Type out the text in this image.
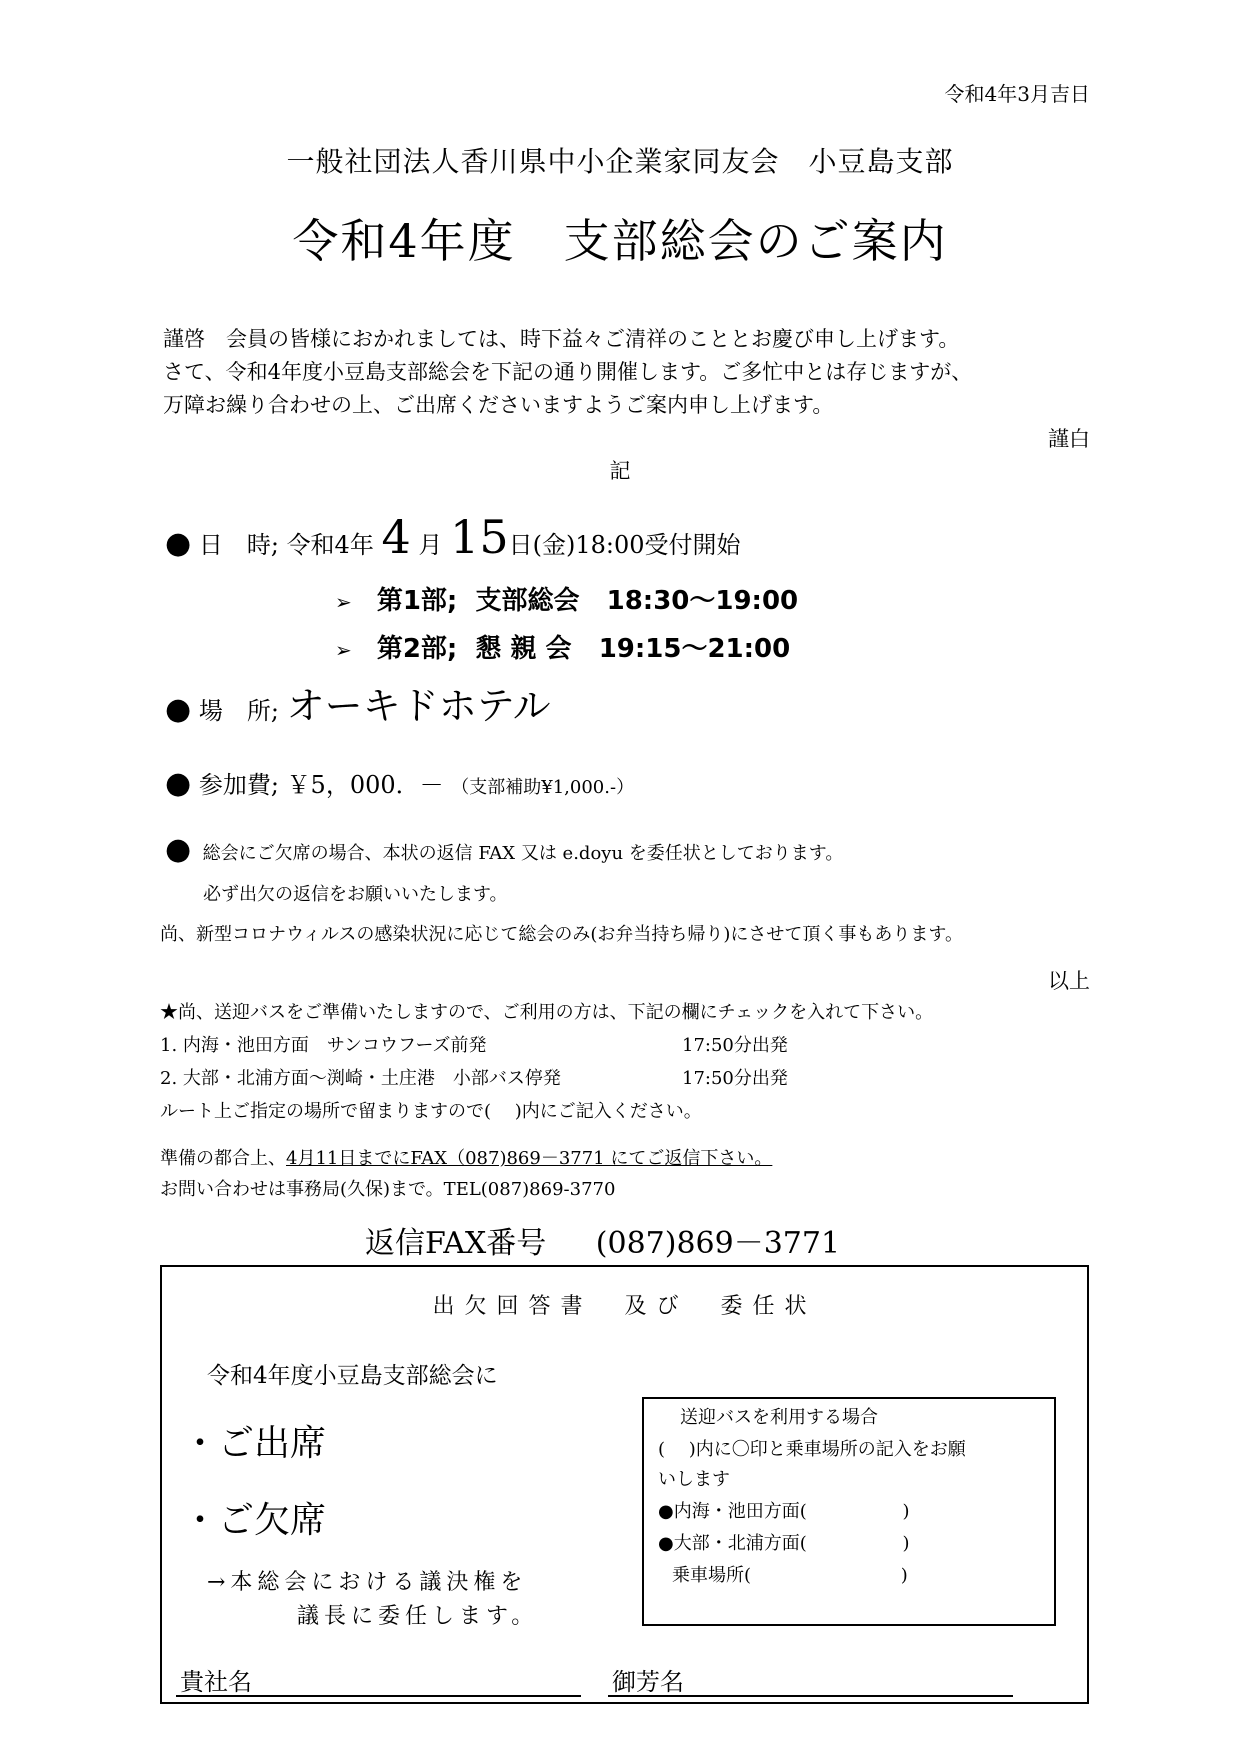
令和4年3月吉日
一般社団法人香川県中小企業家同友会　小豆島支部
令和4年度　支部総会のご案内
謹啓　会員の皆様におかれましては、時下益々ご清祥のこととお慶び申し上げます。
さて、令和4年度小豆島支部総会を下記の通り開催します。ご多忙中とは存じますが、
万障お繰り合わせの上、ご出席くださいますようご案内申し上げます。
謹白
記
● 日　時; 令和4年 4 月 15日(金)18:00受付開始
➢ 第1部; 支部総会 18:30～19:00
➢ 第2部; 懇 親 会 19:15～21:00
● 場　所; オーキドホテル
● 参加費; ￥5，000．－ （支部補助¥1,000.-）
● 総会にご欠席の場合、本状の返信 FAX 又は e.doyu を委任状としております。
必ず出欠の返信をお願いいたします。
尚、新型コロナウィルスの感染状況に応じて総会のみ(お弁当持ち帰り)にさせて頂く事もあります。
以上
★尚、送迎バスをご準備いたしますので、ご利用の方は、下記の欄にチェックを入れて下さい。
1. 内海・池田方面　サンコウフーズ前発	17:50分出発
2. 大部・北浦方面～渕崎・土庄港　小部バス停発	17:50分出発
ルート上ご指定の場所で留まりますので(　 )内にご記入ください。
準備の都合上、4月11日までにFAX（087)869－3771 にてご返信下さい。
お問い合わせは事務局(久保)まで。TEL(087)869-3770
返信FAX番号 (087)869－3771
出欠回答書　及び　委任状
令和4年度小豆島支部総会に
・ご出席
・ご欠席
→本総会における議決権を
議長に委任します。
送迎バスを利用する場合
(　 )内に〇印と乗車場所の記入をお願
いします
●内海・池田方面(　　　　　 )
●大部・北浦方面(　　　　　 )
乗車場所(　　　　　　　　 )
貴社名	御芳名
